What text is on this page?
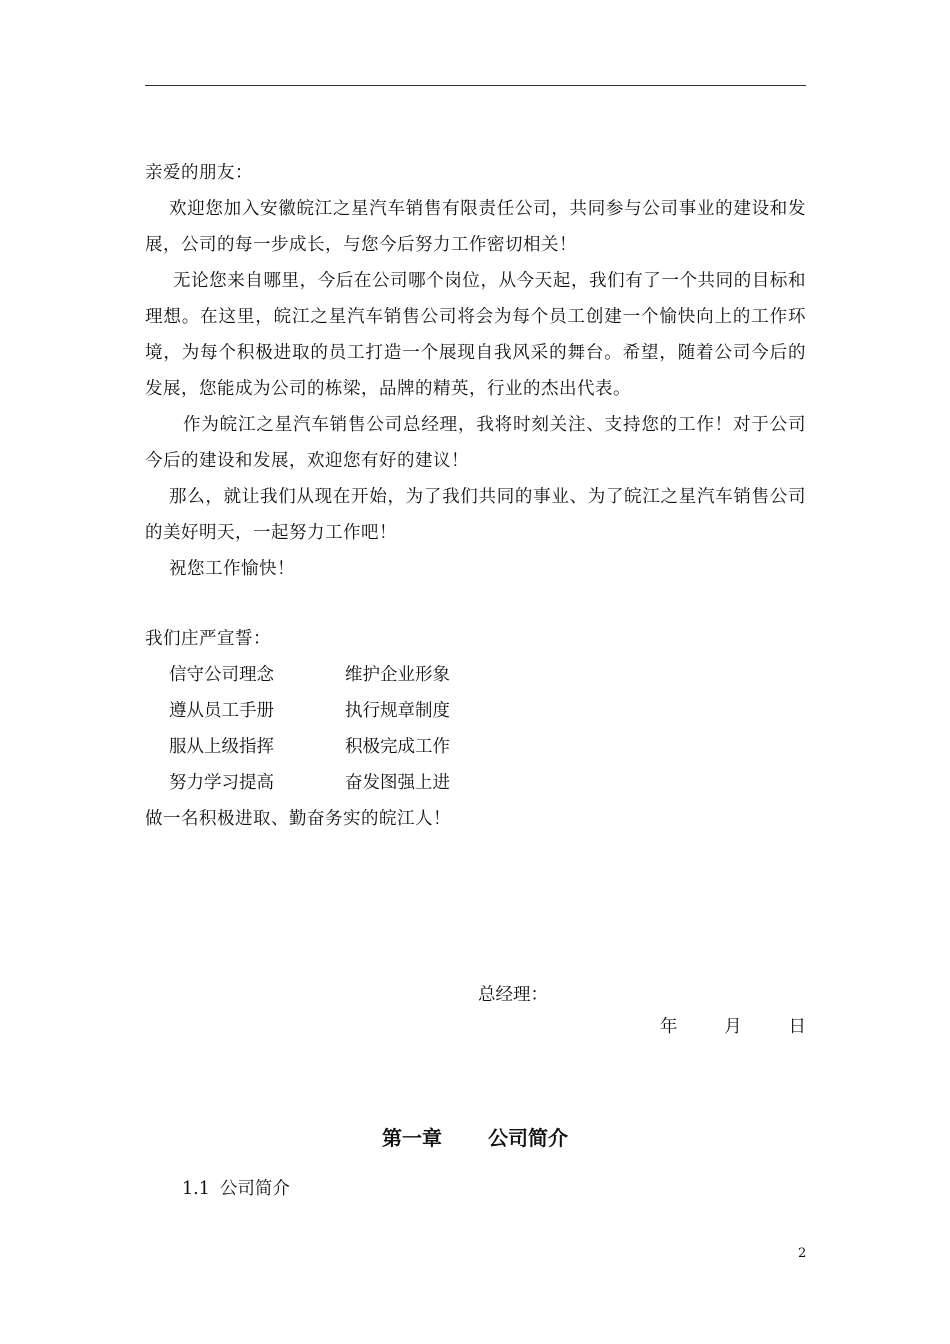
亲爱的朋友：

欢迎您加入安徽皖江之星汽车销售有限责任公司，共同参与公司事业的建设和发展，公司的每一步成长，与您今后努力工作密切相关！

无论您来自哪里，今后在公司哪个岗位，从今天起，我们有了一个共同的目标和理想。在这里，皖江之星汽车销售公司将会为每个员工创建一个愉快向上的工作环境，为每个积极进取的员工打造一个展现自我风采的舞台。希望，随着公司今后的发展，您能成为公司的栋梁，品牌的精英，行业的杰出代表。

作为皖江之星汽车销售公司总经理，我将时刻关注、支持您的工作！对于公司今后的建设和发展，欢迎您有好的建议！

那么，就让我们从现在开始，为了我们共同的事业、为了皖江之星汽车销售公司的美好明天，一起努力工作吧！

祝您工作愉快！

我们庄严宣誓：

信守公司理念	维护企业形象
遵从员工手册	执行规章制度
服从上级指挥	积极完成工作
努力学习提高	奋发图强上进

做一名积极进取、勤奋务实的皖江人！

总经理：
年	月	日
第一章 公司简介
1.1 公司简介
2
